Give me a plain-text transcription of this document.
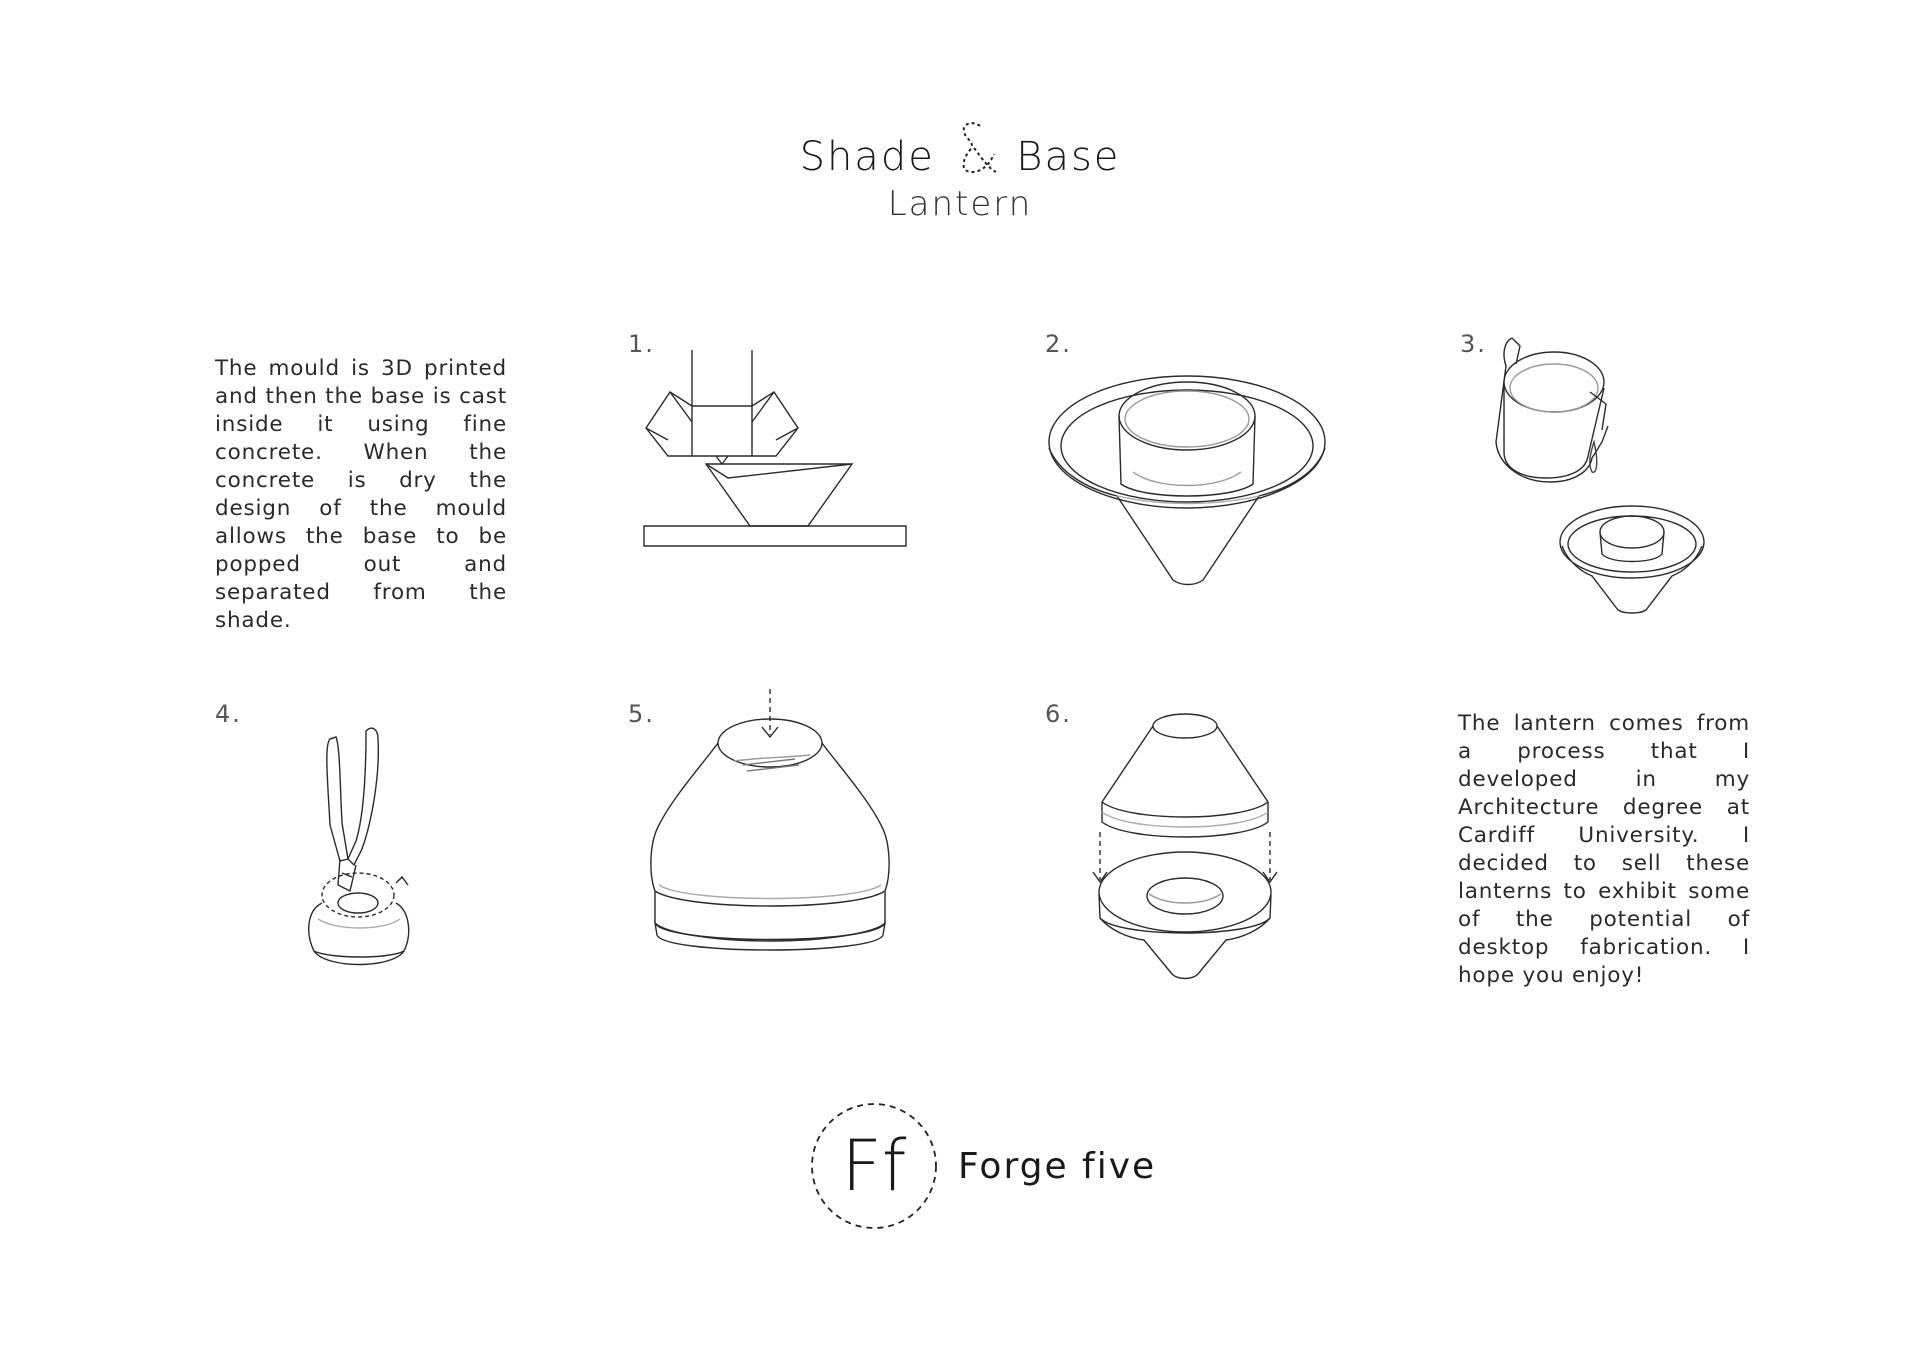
Shade Base
Lantern
The mould is 3D printed and then the base is cast inside it using fine concrete. When the concrete is dry the design of the mould allows the base to be popped out and separated from the shade.
The lantern comes from a process that I developed in my Architecture degree at Cardiff University. I decided to sell these lanterns to exhibit some of the potential of desktop fabrication. I hope you enjoy!
1.	2.	3.
4.	5.	6.
Ff Forge five
